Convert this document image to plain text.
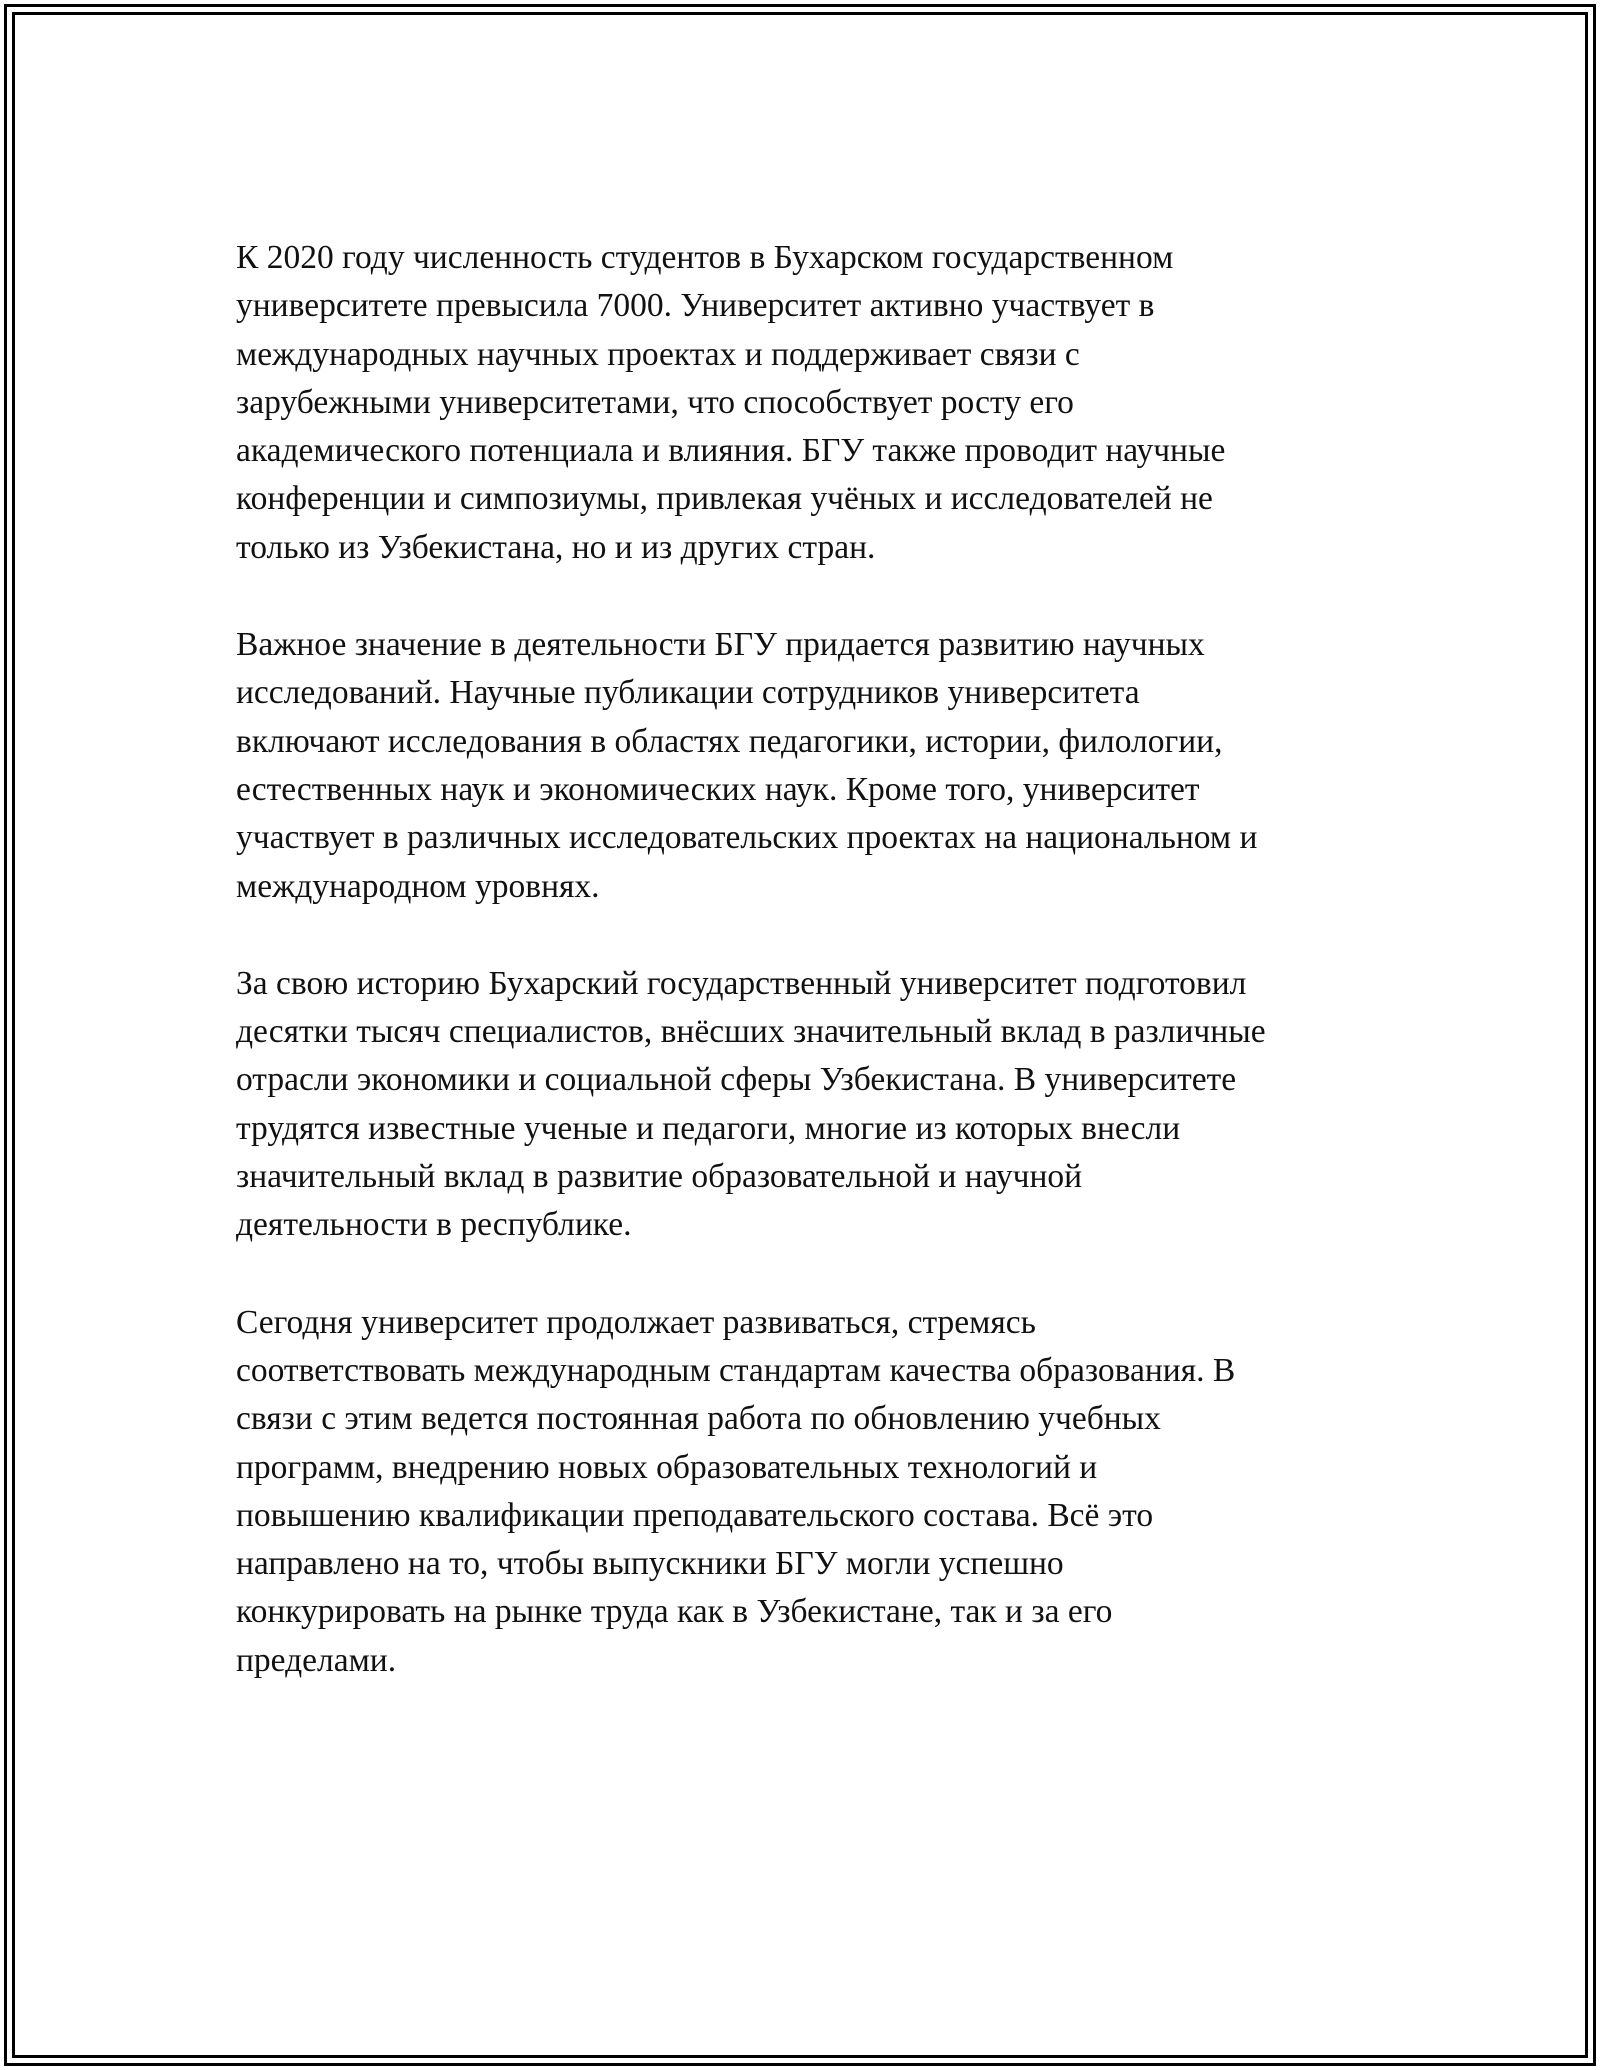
К 2020 году численность студентов в Бухарском государственном
университете превысила 7000. Университет активно участвует в
международных научных проектах и поддерживает связи с
зарубежными университетами, что способствует росту его
академического потенциала и влияния. БГУ также проводит научные
конференции и симпозиумы, привлекая учёных и исследователей не
только из Узбекистана, но и из других стран.

Важное значение в деятельности БГУ придается развитию научных
исследований. Научные публикации сотрудников университета
включают исследования в областях педагогики, истории, филологии,
естественных наук и экономических наук. Кроме того, университет
участвует в различных исследовательских проектах на национальном и
международном уровнях.

За свою историю Бухарский государственный университет подготовил
десятки тысяч специалистов, внёсших значительный вклад в различные
отрасли экономики и социальной сферы Узбекистана. В университете
трудятся известные ученые и педагоги, многие из которых внесли
значительный вклад в развитие образовательной и научной
деятельности в республике.

Сегодня университет продолжает развиваться, стремясь
соответствовать международным стандартам качества образования. В
связи с этим ведется постоянная работа по обновлению учебных
программ, внедрению новых образовательных технологий и
повышению квалификации преподавательского состава. Всё это
направлено на то, чтобы выпускники БГУ могли успешно
конкурировать на рынке труда как в Узбекистане, так и за его
пределами.
